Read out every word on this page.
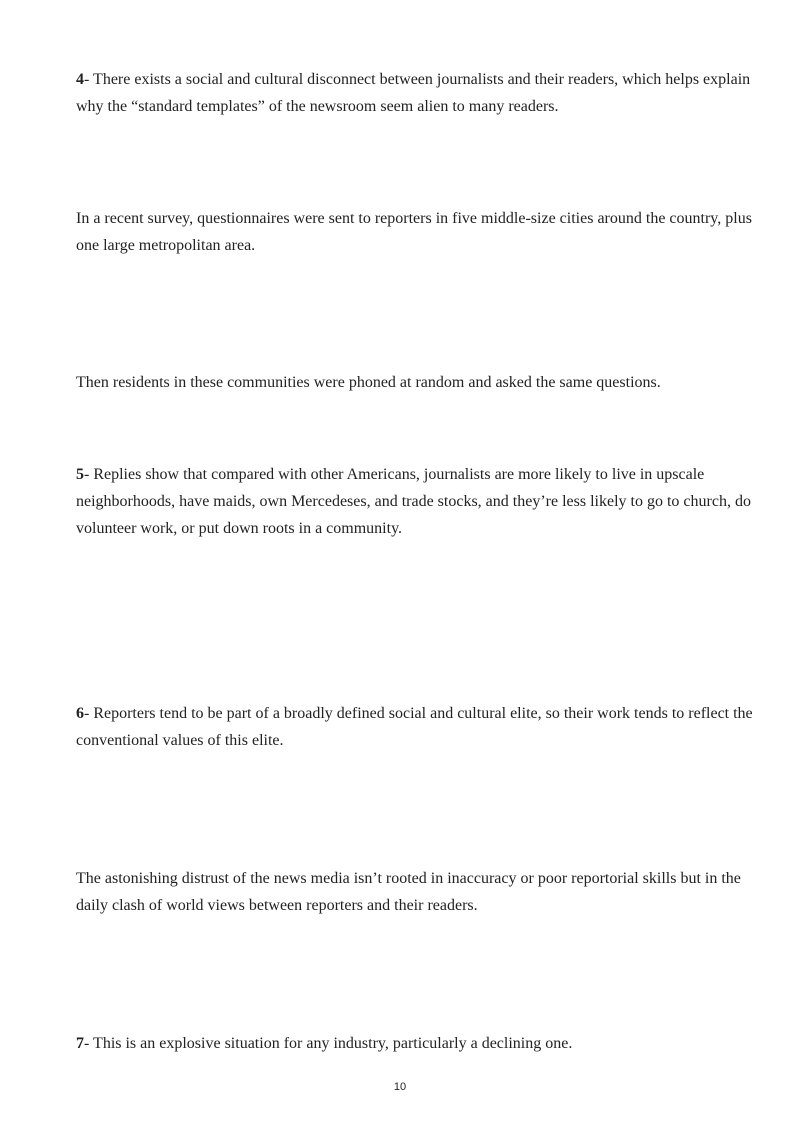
4- There exists a social and cultural disconnect between journalists and their readers, which helps explain why the “standard templates” of the newsroom seem alien to many readers.

In a recent survey, questionnaires were sent to reporters in five middle-size cities around the country, plus one large metropolitan area.

Then residents in these communities were phoned at random and asked the same questions.

5- Replies show that compared with other Americans, journalists are more likely to live in upscale neighborhoods, have maids, own Mercedeses, and trade stocks, and they’re less likely to go to church, do volunteer work, or put down roots in a community.

6- Reporters tend to be part of a broadly defined social and cultural elite, so their work tends to reflect the conventional values of this elite.

The astonishing distrust of the news media isn’t rooted in inaccuracy or poor reportorial skills but in the daily clash of world views between reporters and their readers.

7- This is an explosive situation for any industry, particularly a declining one.

10
